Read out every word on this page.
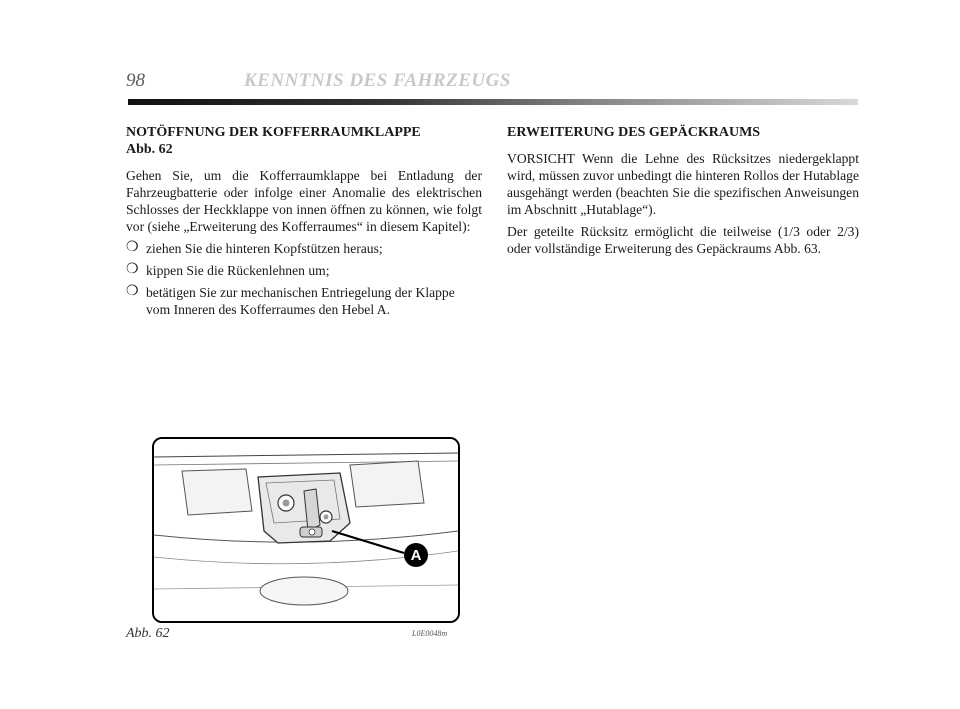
98	KENNTNIS DES FAHRZEUGS
NOTÖFFNUNG DER KOFFERRAUMKLAPPE
Abb. 62

Gehen Sie, um die Kofferraumklappe bei Entladung der Fahrzeugbatterie oder infolge einer Anomalie des elektrischen Schlosses der Heckklappe von innen öffnen zu können, wie folgt vor (siehe „Erweiterung des Kofferraumes“ in diesem Kapitel):

❍ ziehen Sie die hinteren Kopfstützen heraus;
❍ kippen Sie die Rückenlehnen um;
❍ betätigen Sie zur mechanischen Entriegelung der Klappe vom Inneren des Kofferraumes den Hebel A.
ERWEITERUNG DES GEPÄCKRAUMS

VORSICHT Wenn die Lehne des Rücksitzes niedergeklappt wird, müssen zuvor unbedingt die hinteren Rollos der Hutablage ausgehängt werden (beachten Sie die spezifischen Anweisungen im Abschnitt „Hutablage“).

Der geteilte Rücksitz ermöglicht die teilweise (1/3 oder 2/3) oder vollständige Erweiterung des Gepäckraums Abb. 63.

A
Abb. 62	L0E0048m
